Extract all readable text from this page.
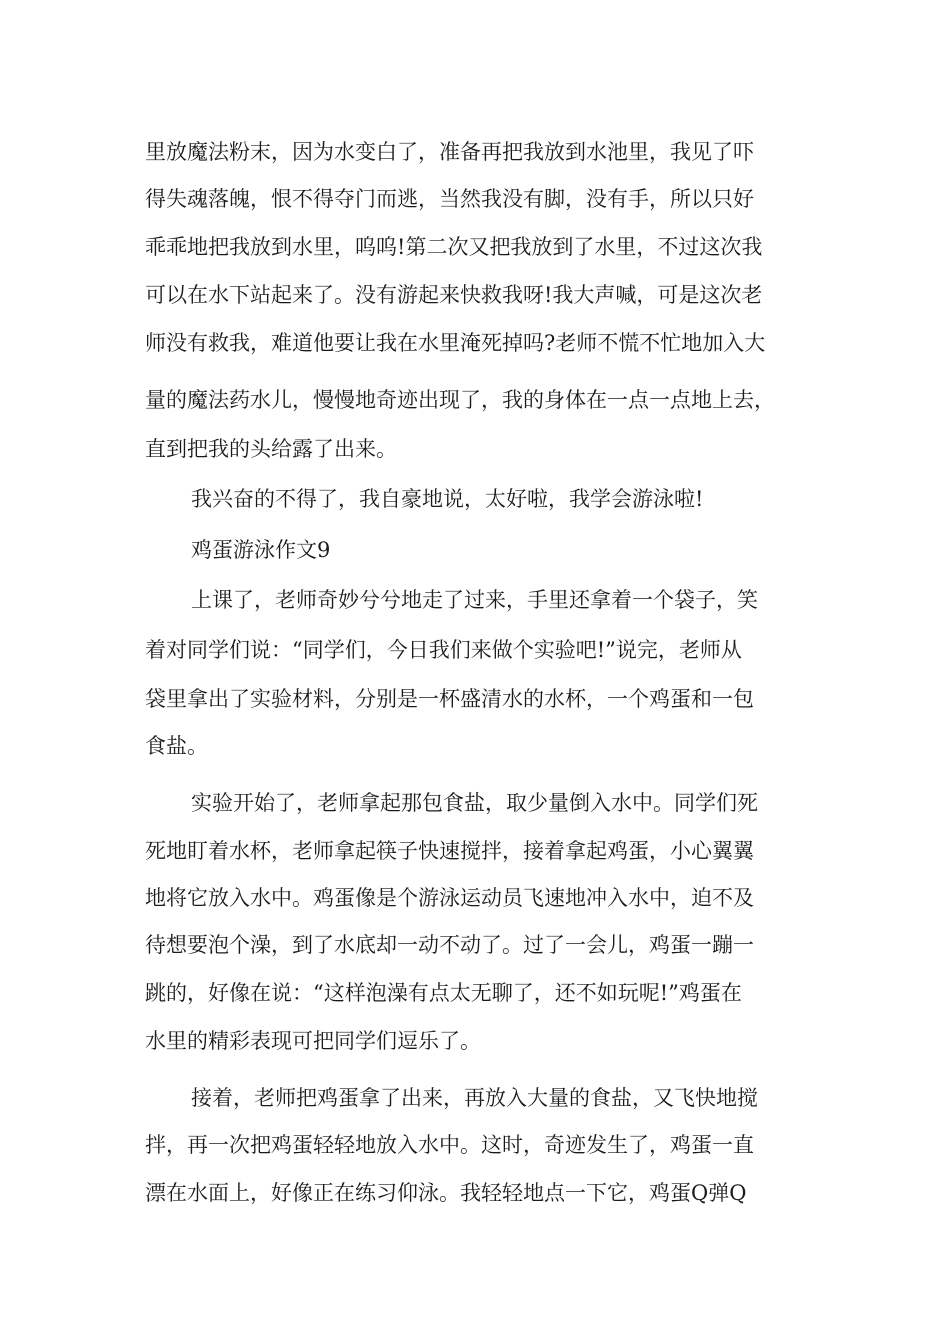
里放魔法粉末，因为水变白了，准备再把我放到水池里，我见了吓
得失魂落魄，恨不得夺门而逃，当然我没有脚，没有手，所以只好
乖乖地把我放到水里，呜呜!第二次又把我放到了水里，不过这次我
可以在水下站起来了。没有游起来快救我呀!我大声喊，可是这次老
师没有救我，难道他要让我在水里淹死掉吗?老师不慌不忙地加入大
量的魔法药水儿，慢慢地奇迹出现了，我的身体在一点一点地上去，
直到把我的头给露了出来。
我兴奋的不得了，我自豪地说，太好啦，我学会游泳啦!
鸡蛋游泳作文9
上课了，老师奇妙兮兮地走了过来，手里还拿着一个袋子，笑
着对同学们说：“同学们，今日我们来做个实验吧!”说完，老师从
袋里拿出了实验材料，分别是一杯盛清水的水杯，一个鸡蛋和一包
食盐。
实验开始了，老师拿起那包食盐，取少量倒入水中。同学们死
死地盯着水杯，老师拿起筷子快速搅拌，接着拿起鸡蛋，小心翼翼
地将它放入水中。鸡蛋像是个游泳运动员飞速地冲入水中，迫不及
待想要泡个澡，到了水底却一动不动了。过了一会儿，鸡蛋一蹦一
跳的，好像在说：“这样泡澡有点太无聊了，还不如玩呢!”鸡蛋在
水里的精彩表现可把同学们逗乐了。
接着，老师把鸡蛋拿了出来，再放入大量的食盐，又飞快地搅
拌，再一次把鸡蛋轻轻地放入水中。这时，奇迹发生了，鸡蛋一直
漂在水面上，好像正在练习仰泳。我轻轻地点一下它，鸡蛋Q弹Q
